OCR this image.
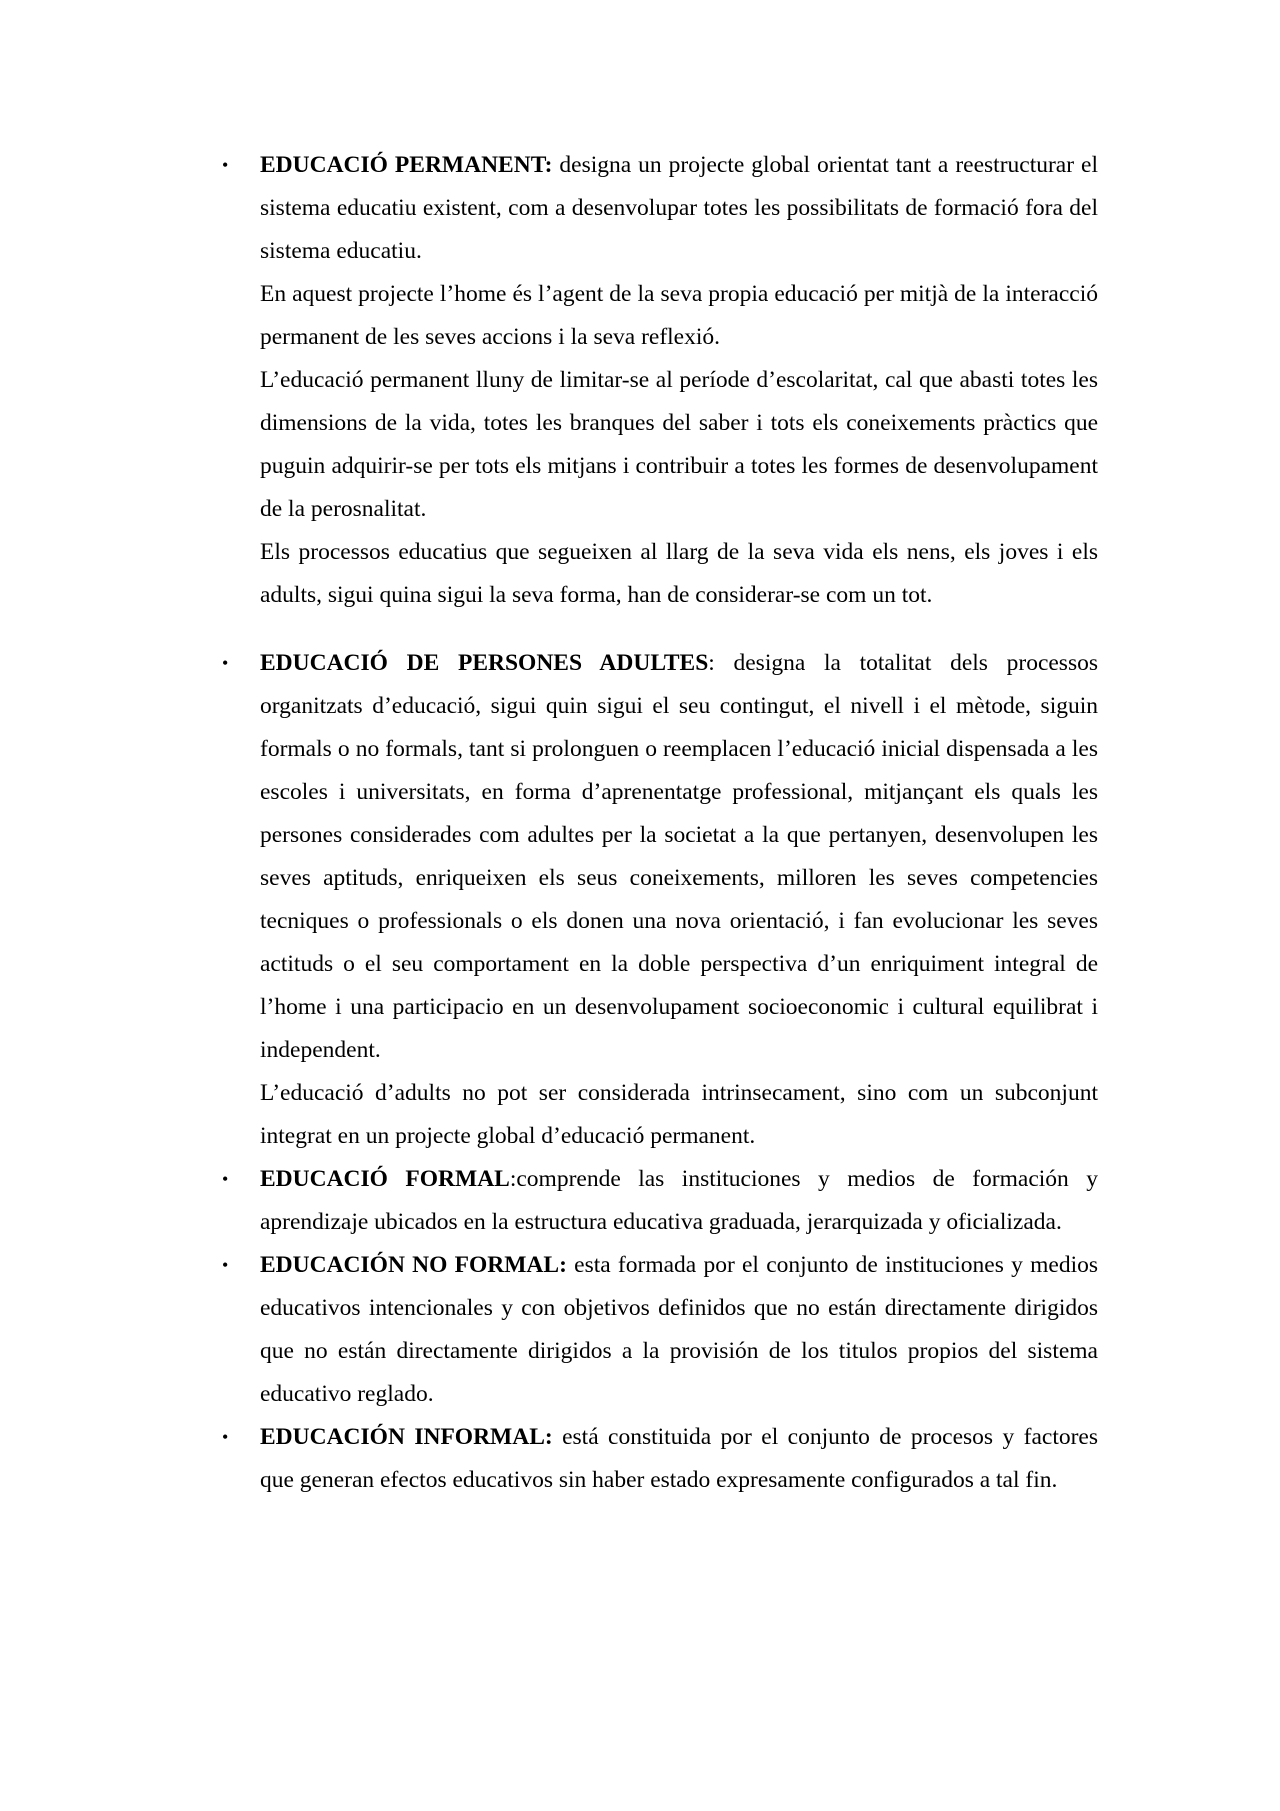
•	EDUCACIÓ PERMANENT: designa un projecte global orientat tant a reestructurar el sistema educatiu existent, com a desenvolupar totes les possibilitats de formació fora del sistema educatiu.

En aquest projecte l’home és l’agent de la seva propia educació per mitjà de la interacció permanent de les seves accions i la seva reflexió.

L’educació permanent lluny de limitar-se al període d’escolaritat, cal que abasti totes les dimensions de la vida, totes les branques del saber i tots els coneixements pràctics que puguin adquirir-se per tots els mitjans i contribuir a totes les formes de desenvolupament de la perosnalitat.

Els processos educatius que segueixen al llarg de la seva vida els nens, els joves i els adults, sigui quina sigui la seva forma, han de considerar-se com un tot.

•	EDUCACIÓ DE PERSONES ADULTES: designa la totalitat dels processos organitzats d’educació, sigui quin sigui el seu contingut, el nivell i el mètode, siguin formals o no formals, tant si prolonguen o reemplacen l’educació inicial dispensada a les escoles i universitats, en forma d’aprenentatge professional, mitjançant els quals les persones considerades com adultes per la societat a la que pertanyen, desenvolupen les seves aptituds, enriqueixen els seus coneixements, milloren les seves competencies tecniques o professionals o els donen una nova orientació, i fan evolucionar les seves actituds o el seu comportament en la doble perspectiva d’un enriquiment integral de l’home i una participacio en un desenvolupament socioeconomic i cultural equilibrat i independent.

L’educació d’adults no pot ser considerada intrinsecament, sino com un subconjunt integrat en un projecte global d’educació permanent.

•	EDUCACIÓ FORMAL:comprende las instituciones y medios de formación y aprendizaje ubicados en la estructura educativa graduada, jerarquizada y oficializada.

•	EDUCACIÓN NO FORMAL: esta formada por el conjunto de instituciones y medios educativos intencionales y con objetivos definidos que no están directamente dirigidos que no están directamente dirigidos a la provisión de los titulos propios del sistema educativo reglado.

•	EDUCACIÓN INFORMAL: está constituida por el conjunto de procesos y factores que generan efectos educativos sin haber estado expresamente configurados a tal fin.
